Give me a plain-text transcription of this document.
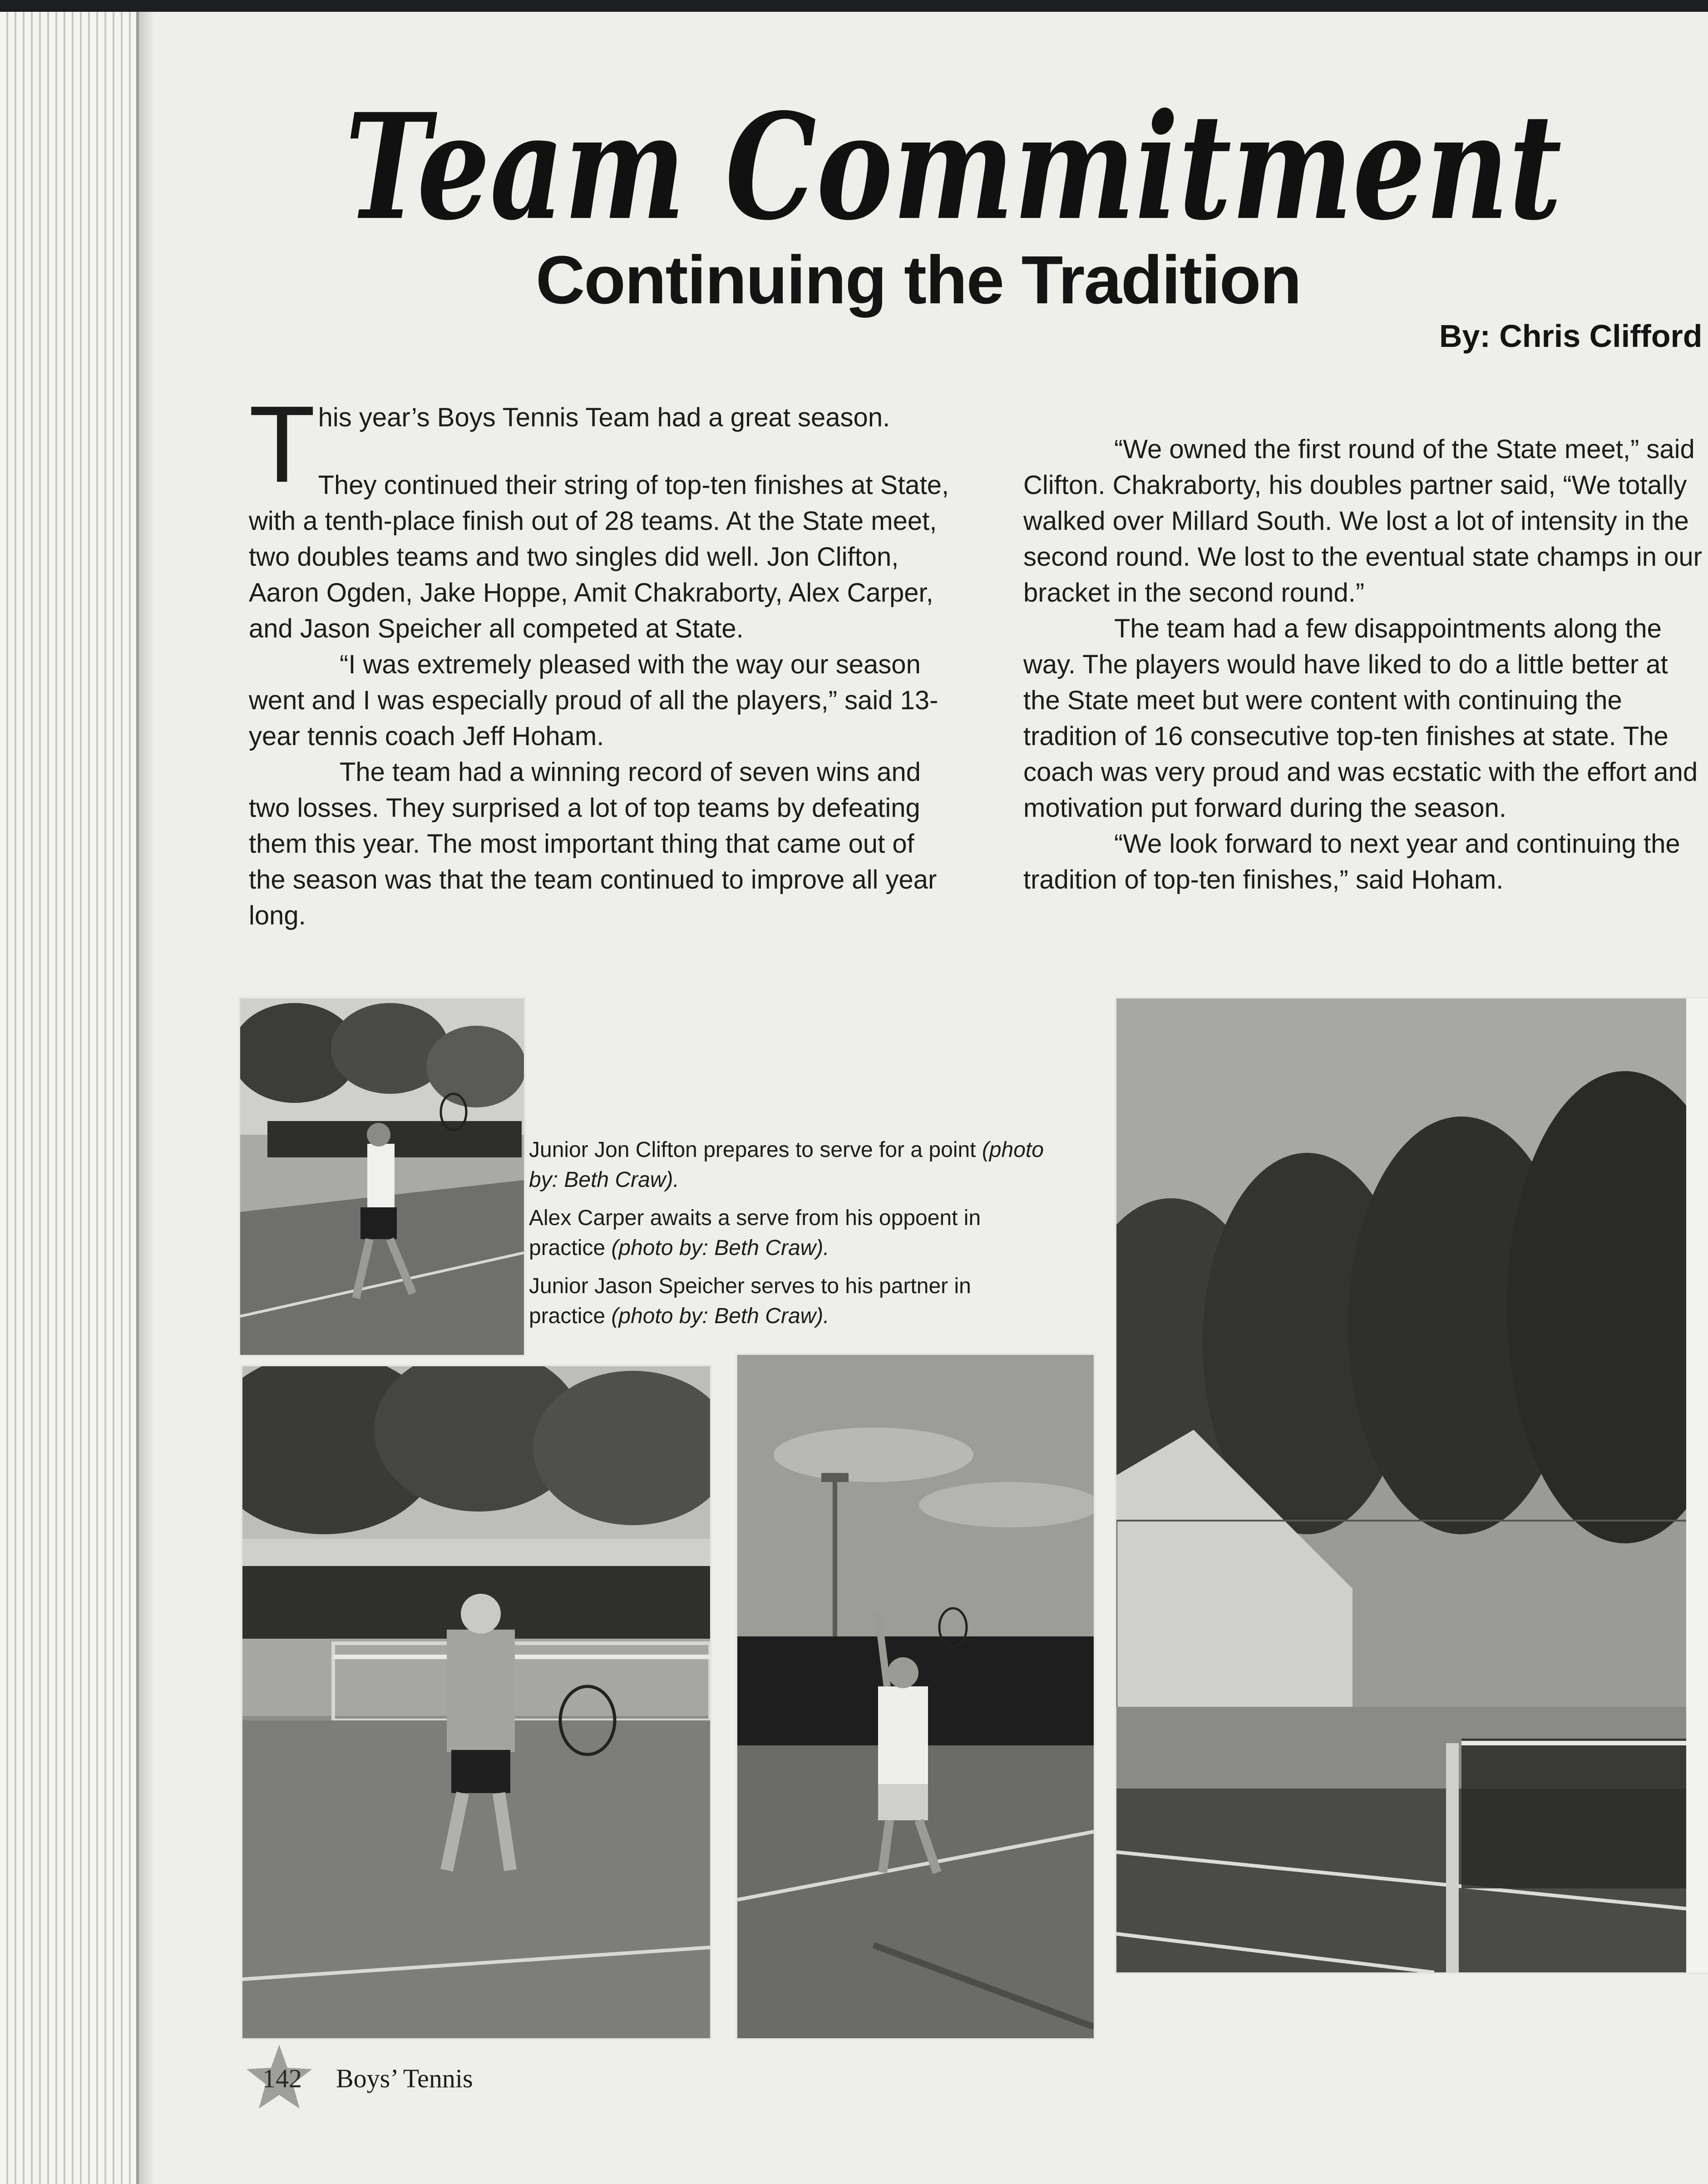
Team Commitment
Continuing the Tradition
By: Chris Clifford

T his year’s Boys Tennis Team had a great season.

They continued their string of top-ten finishes at State, with a tenth-place finish out of 28 teams. At the State meet, two doubles teams and two singles did well. Jon Clifton, Aaron Ogden, Jake Hoppe, Amit Chakraborty, Alex Carper, and Jason Speicher all competed at State.

“I was extremely pleased with the way our season went and I was especially proud of all the players,” said 13-year tennis coach Jeff Hoham.

The team had a winning record of seven wins and two losses. They surprised a lot of top teams by defeating them this year. The most important thing that came out of the season was that the team continued to improve all year long.

“We owned the first round of the State meet,” said Clifton. Chakraborty, his doubles partner said, “We totally walked over Millard South. We lost a lot of intensity in the second round. We lost to the eventual state champs in our bracket in the second round.”

The team had a few disappointments along the way. The players would have liked to do a little better at the State meet but were content with continuing the tradition of 16 consecutive top-ten finishes at state. The coach was very proud and was ecstatic with the effort and motivation put forward during the season.

“We look forward to next year and continuing the tradition of top-ten finishes,” said Hoham.

Junior Jon Clifton prepares to serve for a point (photo by: Beth Craw).

Alex Carper awaits a serve from his oppoent in practice (photo by: Beth Craw).

Junior Jason Speicher serves to his partner in practice (photo by: Beth Craw).

142 Boys’ Tennis
